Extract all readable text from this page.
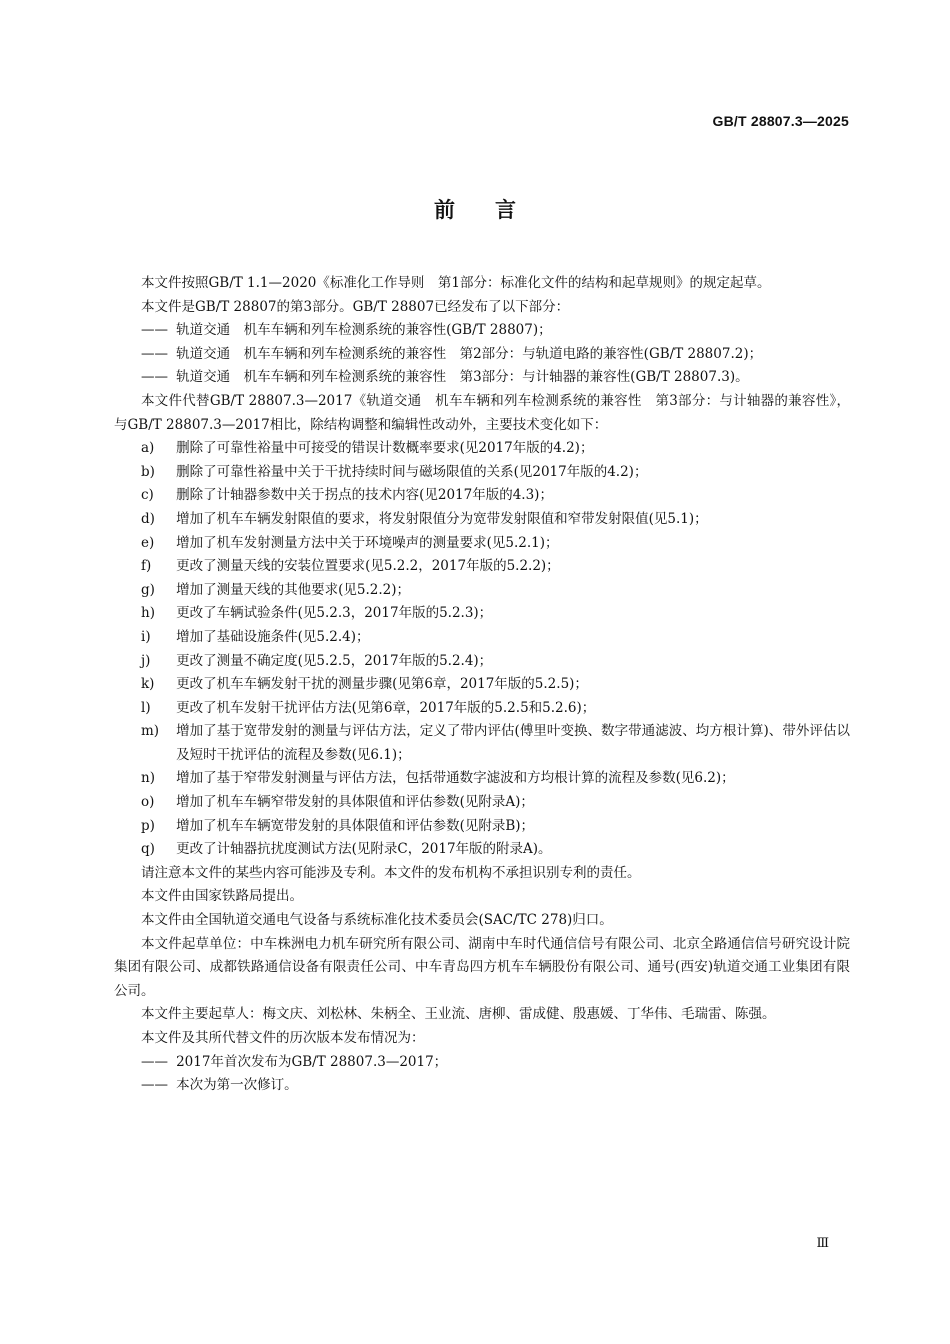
GB/T 28807.3—2025
前言

本文件按照GB/T 1.1—2020《标准化工作导则　第1部分：标准化文件的结构和起草规则》的规定起草。

本文件是GB/T 28807的第3部分。GB/T 28807已经发布了以下部分：

—— 轨道交通　机车车辆和列车检测系统的兼容性(GB/T 28807)；
—— 轨道交通　机车车辆和列车检测系统的兼容性　第2部分：与轨道电路的兼容性(GB/T 28807.2)；
—— 轨道交通　机车车辆和列车检测系统的兼容性　第3部分：与计轴器的兼容性(GB/T 28807.3)。

本文件代替GB/T 28807.3—2017《轨道交通　机车车辆和列车检测系统的兼容性　第3部分：与计轴器的兼容性》，与GB/T 28807.3—2017相比，除结构调整和编辑性改动外，主要技术变化如下：

a)	删除了可靠性裕量中可接受的错误计数概率要求(见2017年版的4.2)；
b)	删除了可靠性裕量中关于干扰持续时间与磁场限值的关系(见2017年版的4.2)；
c)	删除了计轴器参数中关于拐点的技术内容(见2017年版的4.3)；
d)	增加了机车车辆发射限值的要求，将发射限值分为宽带发射限值和窄带发射限值(见5.1)；
e)	增加了机车发射测量方法中关于环境噪声的测量要求(见5.2.1)；
f)	更改了测量天线的安装位置要求(见5.2.2，2017年版的5.2.2)；
g)	增加了测量天线的其他要求(见5.2.2)；
h)	更改了车辆试验条件(见5.2.3，2017年版的5.2.3)；
i)	增加了基础设施条件(见5.2.4)；
j)	更改了测量不确定度(见5.2.5，2017年版的5.2.4)；
k)	更改了机车车辆发射干扰的测量步骤(见第6章，2017年版的5.2.5)；
l)	更改了机车发射干扰评估方法(见第6章，2017年版的5.2.5和5.2.6)；
m)	增加了基于宽带发射的测量与评估方法，定义了带内评估(傅里叶变换、数字带通滤波、均方根计算)、带外评估以及短时干扰评估的流程及参数(见6.1)；
n)	增加了基于窄带发射测量与评估方法，包括带通数字滤波和方均根计算的流程及参数(见6.2)；
o)	增加了机车车辆窄带发射的具体限值和评估参数(见附录A)；
p)	增加了机车车辆宽带发射的具体限值和评估参数(见附录B)；
q)	更改了计轴器抗扰度测试方法(见附录C，2017年版的附录A)。

请注意本文件的某些内容可能涉及专利。本文件的发布机构不承担识别专利的责任。

本文件由国家铁路局提出。

本文件由全国轨道交通电气设备与系统标准化技术委员会(SAC/TC 278)归口。

本文件起草单位：中车株洲电力机车研究所有限公司、湖南中车时代通信信号有限公司、北京全路通信信号研究设计院集团有限公司、成都铁路通信设备有限责任公司、中车青岛四方机车车辆股份有限公司、通号(西安)轨道交通工业集团有限公司。

本文件主要起草人：梅文庆、刘松林、朱柄全、王业流、唐柳、雷成健、殷惠媛、丁华伟、毛瑞雷、陈强。

本文件及其所代替文件的历次版本发布情况为：

—— 2017年首次发布为GB/T 28807.3—2017；
—— 本次为第一次修订。
Ⅲ
